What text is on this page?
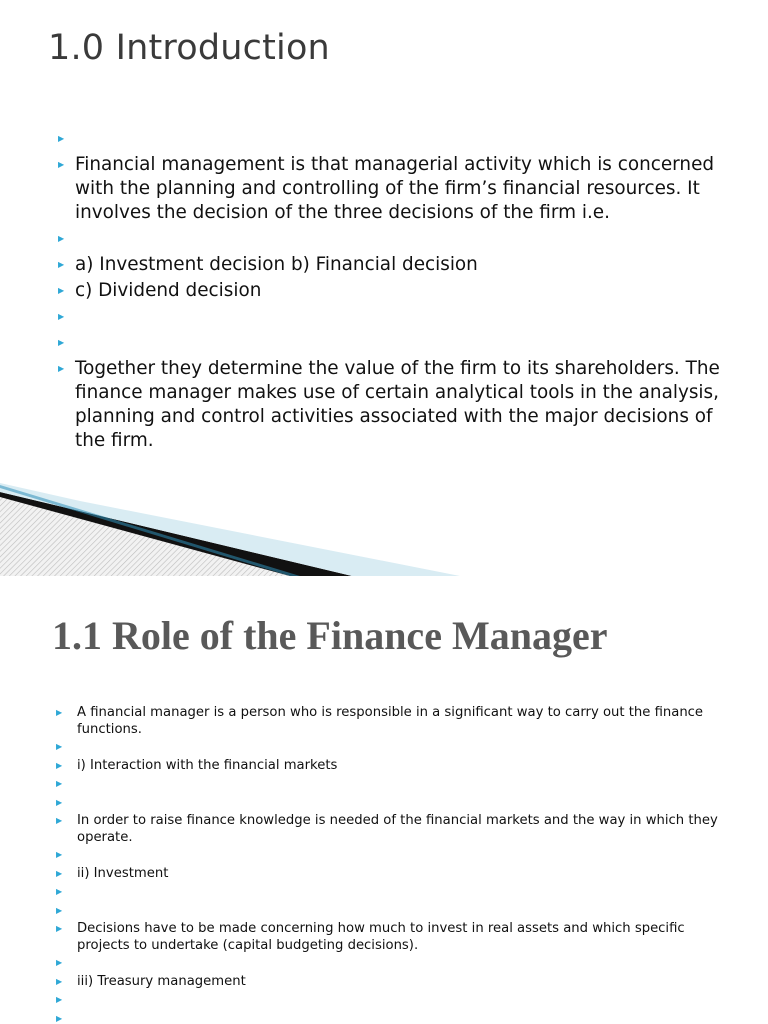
1.0 Introduction
▶
▶ Financial management is that managerial activity which is concerned with the planning and controlling of the firm’s financial resources. It involves the decision of the three decisions of the firm i.e.
▶
▶ a) Investment decision b) Financial decision
▶ c) Dividend decision
▶
▶
▶ Together they determine the value of the firm to its shareholders. The finance manager makes use of certain analytical tools in the analysis, planning and control activities associated with the major decisions of the firm.
1.1 Role of the Finance Manager
▶ A financial manager is a person who is responsible in a significant way to carry out the finance functions.
▶
▶ i) Interaction with the financial markets
▶
▶
▶ In order to raise finance knowledge is needed of the financial markets and the way in which they operate.
▶
▶ ii) Investment
▶
▶
▶ Decisions have to be made concerning how much to invest in real assets and which specific projects to undertake (capital budgeting decisions).
▶
▶ iii) Treasury management
▶
▶
